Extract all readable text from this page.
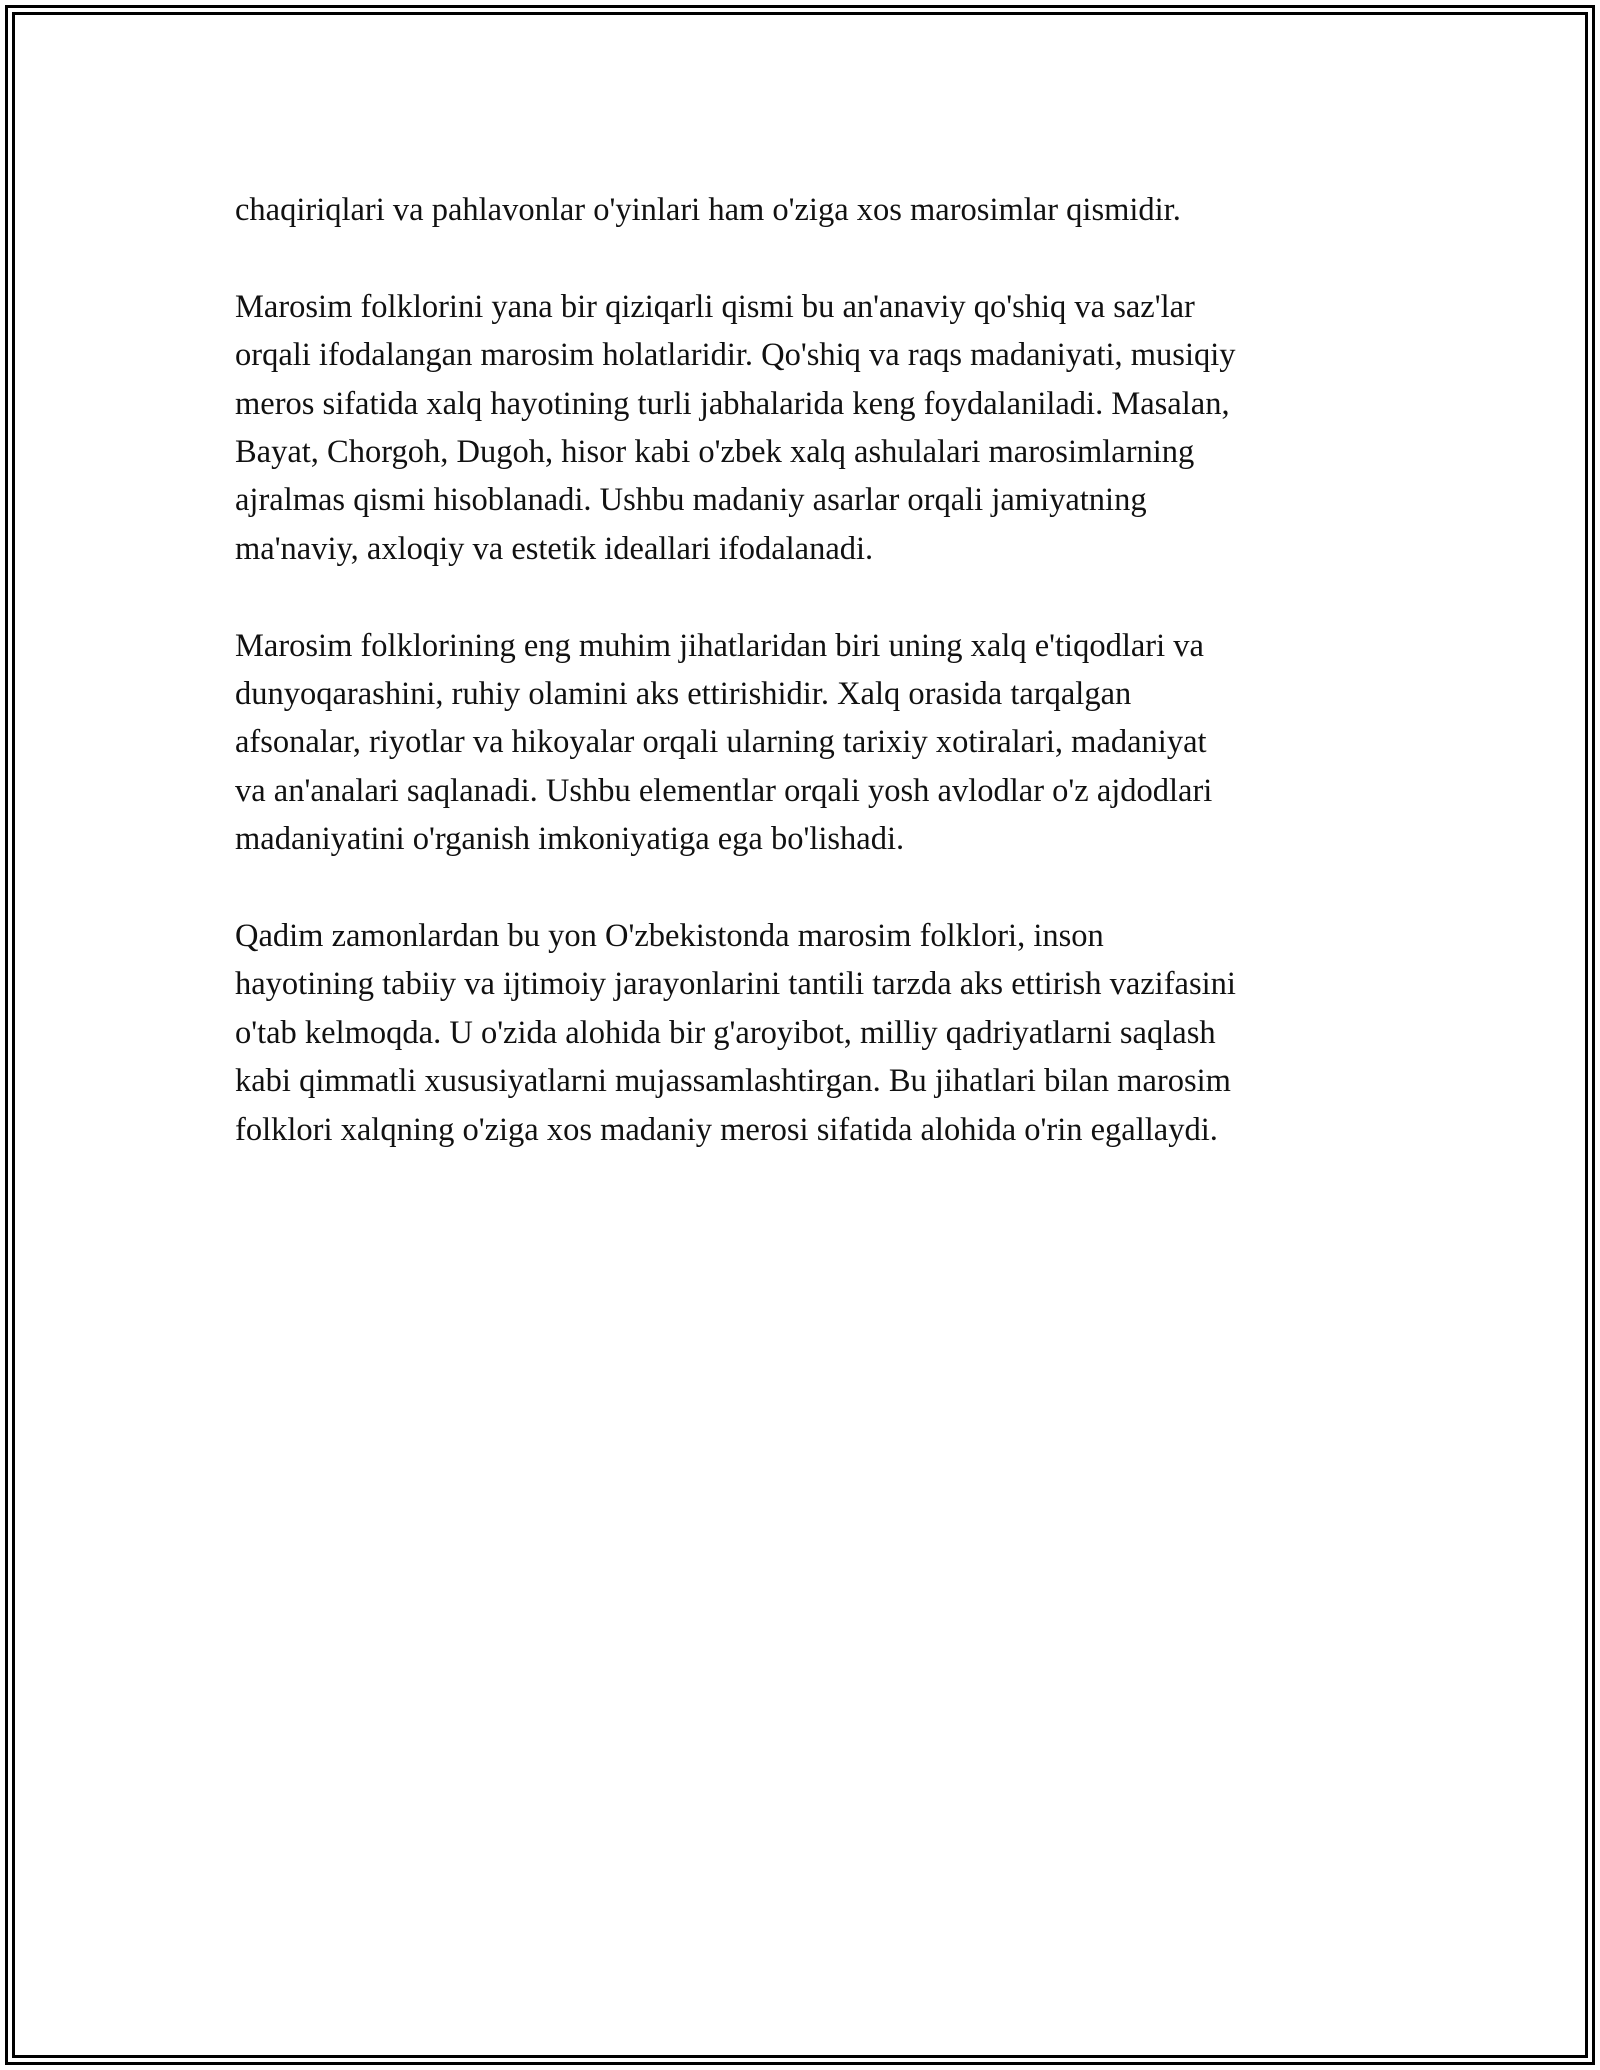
chaqiriqlari va pahlavonlar o'yinlari ham o'ziga xos marosimlar qismidir.

Marosim folklorini yana bir qiziqarli qismi bu an'anaviy qo'shiq va saz'lar
orqali ifodalangan marosim holatlaridir. Qo'shiq va raqs madaniyati, musiqiy
meros sifatida xalq hayotining turli jabhalarida keng foydalaniladi. Masalan,
Bayat, Chorgoh, Dugoh, hisor kabi o'zbek xalq ashulalari marosimlarning
ajralmas qismi hisoblanadi. Ushbu madaniy asarlar orqali jamiyatning
ma'naviy, axloqiy va estetik ideallari ifodalanadi.

Marosim folklorining eng muhim jihatlaridan biri uning xalq e'tiqodlari va
dunyoqarashini, ruhiy olamini aks ettirishidir. Xalq orasida tarqalgan
afsonalar, riyotlar va hikoyalar orqali ularning tarixiy xotiralari, madaniyat
va an'analari saqlanadi. Ushbu elementlar orqali yosh avlodlar o'z ajdodlari
madaniyatini o'rganish imkoniyatiga ega bo'lishadi.

Qadim zamonlardan bu yon O'zbekistonda marosim folklori, inson
hayotining tabiiy va ijtimoiy jarayonlarini tantili tarzda aks ettirish vazifasini
o'tab kelmoqda. U o'zida alohida bir g'aroyibot, milliy qadriyatlarni saqlash
kabi qimmatli xususiyatlarni mujassamlashtirgan. Bu jihatlari bilan marosim
folklori xalqning o'ziga xos madaniy merosi sifatida alohida o'rin egallaydi.
